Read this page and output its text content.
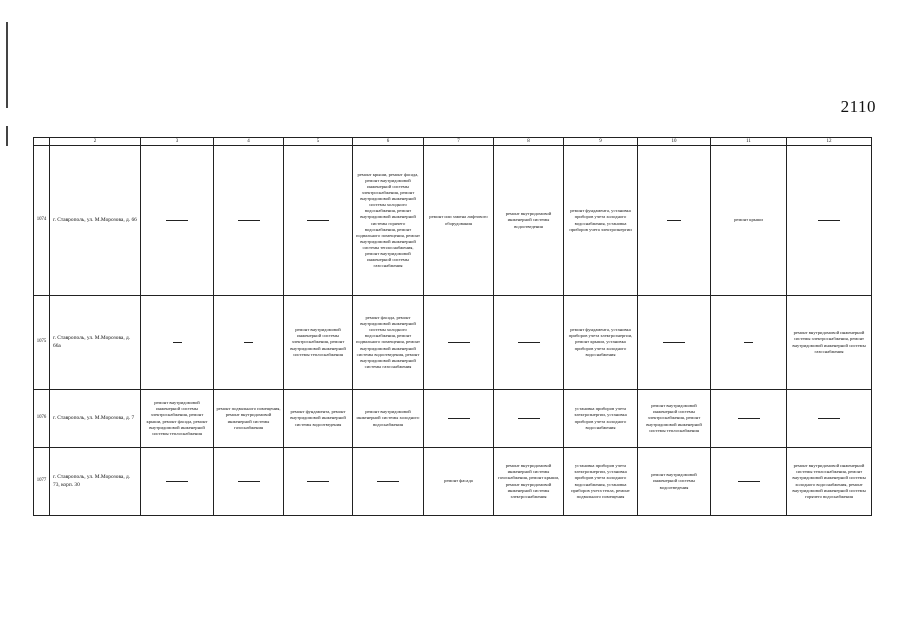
2110
	2	3	4	5	6	7	8	9	10	11	12
1074	г. Ставрополь, ул. М.Морозова, д. 66				ремонт крыши, ремонт фасада, ремонт внутридомовой инженерной системы электроснабжения, ремонт внутридомовой инженерной системы холодного водоснабжения, ремонт внутридомовой инженерной системы горячего водоснабжения, ремонт подвального помещения, ремонт внутридомовой инженерной системы теплоснабжения, ремонт внутридомовой инженерной системы газоснабжения	ремонт или замена лифтового оборудования	ремонт внутридомовой инженерной системы водоотведения	ремонт фундамента, установка приборов учета холодного водоснабжения, установка приборов учета электроэнергии		ремонт крыши	
1075	г. Ставрополь, ул. М.Морозова, д. 66а			ремонт внутридомовой инженерной системы электроснабжения, ремонт внутридомовой инженерной системы теплоснабжения	ремонт фасада, ремонт внутридомовой инженерной системы холодного водоснабжения, ремонт подвального помещения, ремонт внутридомовой инженерной системы водоотведения, ремонт внутридомовой инженерной системы газоснабжения			ремонт фундамента, установка приборов учета электроэнергии, ремонт крыши, установка приборов учета холодного водоснабжения			ремонт внутридомовой инженерной системы электроснабжения, ремонт внутридомовой инженерной системы газоснабжения
1076	г. Ставрополь, ул. М.Морозова, д. 7	ремонт внутридомовой инженерной системы электроснабжения, ремонт крыши, ремонт фасада, ремонт внутридомовой инженерной системы теплоснабжения	ремонт подвального помещения, ремонт внутридомовой инженерной системы газоснабжения	ремонт фундамента, ремонт внутридомовой инженерной системы водоотведения	ремонт внутридомовой инженерной системы холодного водоснабжения			установка приборов учета электроэнергии, установка приборов учета холодного водоснабжения	ремонт внутридомовой инженерной системы электроснабжения, ремонт внутридомовой инженерной системы теплоснабжения		
1077	г. Ставрополь, ул. М.Морозова, д. 73, корп. 30					ремонт фасада	ремонт внутридомовой инженерной системы газоснабжения, ремонт крыши, ремонт внутридомовой инженерной системы электроснабжения	установка приборов учета электроэнергии, установка приборов учета холодного водоснабжения, установка приборов учета тепла, ремонт подвального помещения	ремонт внутридомовой инженерной системы водоотведения		ремонт внутридомовой инженерной системы теплоснабжения, ремонт внутридомовой инженерной системы холодного водоснабжения, ремонт внутридомовой инженерной системы горячего водоснабжения
